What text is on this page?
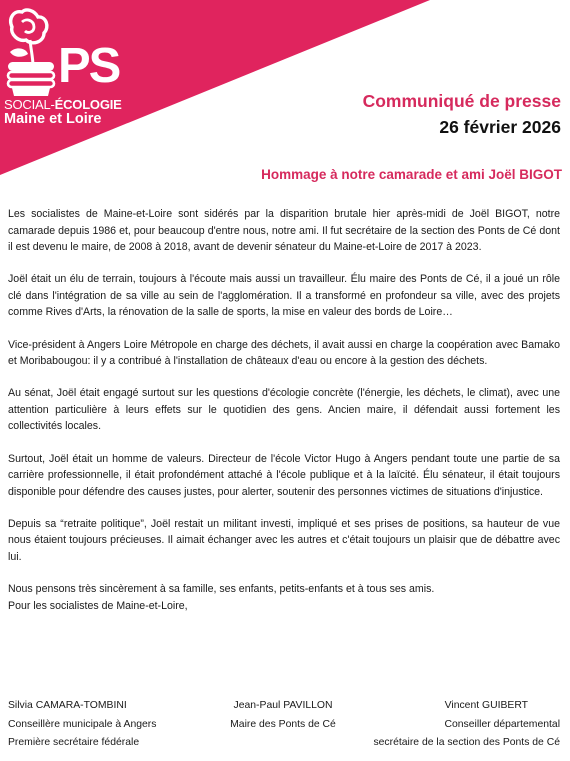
PS
SOCIAL-ÉCOLOGIE
Maine et Loire
Communiqué de presse
26 février 2026
Hommage à notre camarade et ami Joël BIGOT

Les socialistes de Maine-et-Loire sont sidérés par la disparition brutale hier après-midi de Joël BIGOT, notre camarade depuis 1986 et, pour beaucoup d'entre nous, notre ami. Il fut secrétaire de la section des Ponts de Cé dont il est devenu le maire, de 2008 à 2018, avant de devenir sénateur du Maine-et-Loire de 2017 à 2023.

Joël était un élu de terrain, toujours à l'écoute mais aussi un travailleur. Élu maire des Ponts de Cé, il a joué un rôle clé dans l'intégration de sa ville au sein de l'agglomération. Il a transformé en profondeur sa ville, avec des projets comme Rives d'Arts, la rénovation de la salle de sports, la mise en valeur des bords de Loire…

Vice-président à Angers Loire Métropole en charge des déchets, il avait aussi en charge la coopération avec Bamako et Moribabougou: il y a contribué à l'installation de châteaux d'eau ou encore à la gestion des déchets.

Au sénat, Joël était engagé surtout sur les questions d'écologie concrète (l'énergie, les déchets, le climat), avec une attention particulière à leurs effets sur le quotidien des gens. Ancien maire, il défendait aussi fortement les collectivités locales.

Surtout, Joël était un homme de valeurs. Directeur de l'école Victor Hugo à Angers pendant toute une partie de sa carrière professionnelle, il était profondément attaché à l'école publique et à la laïcité. Élu sénateur, il était toujours disponible pour défendre des causes justes, pour alerter, soutenir des personnes victimes de situations d'injustice.

Depuis sa “retraite politique”, Joël restait un militant investi, impliqué et ses prises de positions, sa hauteur de vue nous étaient toujours précieuses. Il aimait échanger avec les autres et c'était toujours un plaisir que de débattre avec lui.

Nous pensons très sincèrement à sa famille, ses enfants, petits-enfants et à tous ses amis.

Pour les socialistes de Maine-et-Loire,

Silvia CAMARA-TOMBINI
Conseillère municipale à Angers
Première secrétaire fédérale
Jean-Paul PAVILLON
Maire des Ponts de Cé
Vincent GUIBERT
Conseiller départemental
secrétaire de la section des Ponts de Cé
